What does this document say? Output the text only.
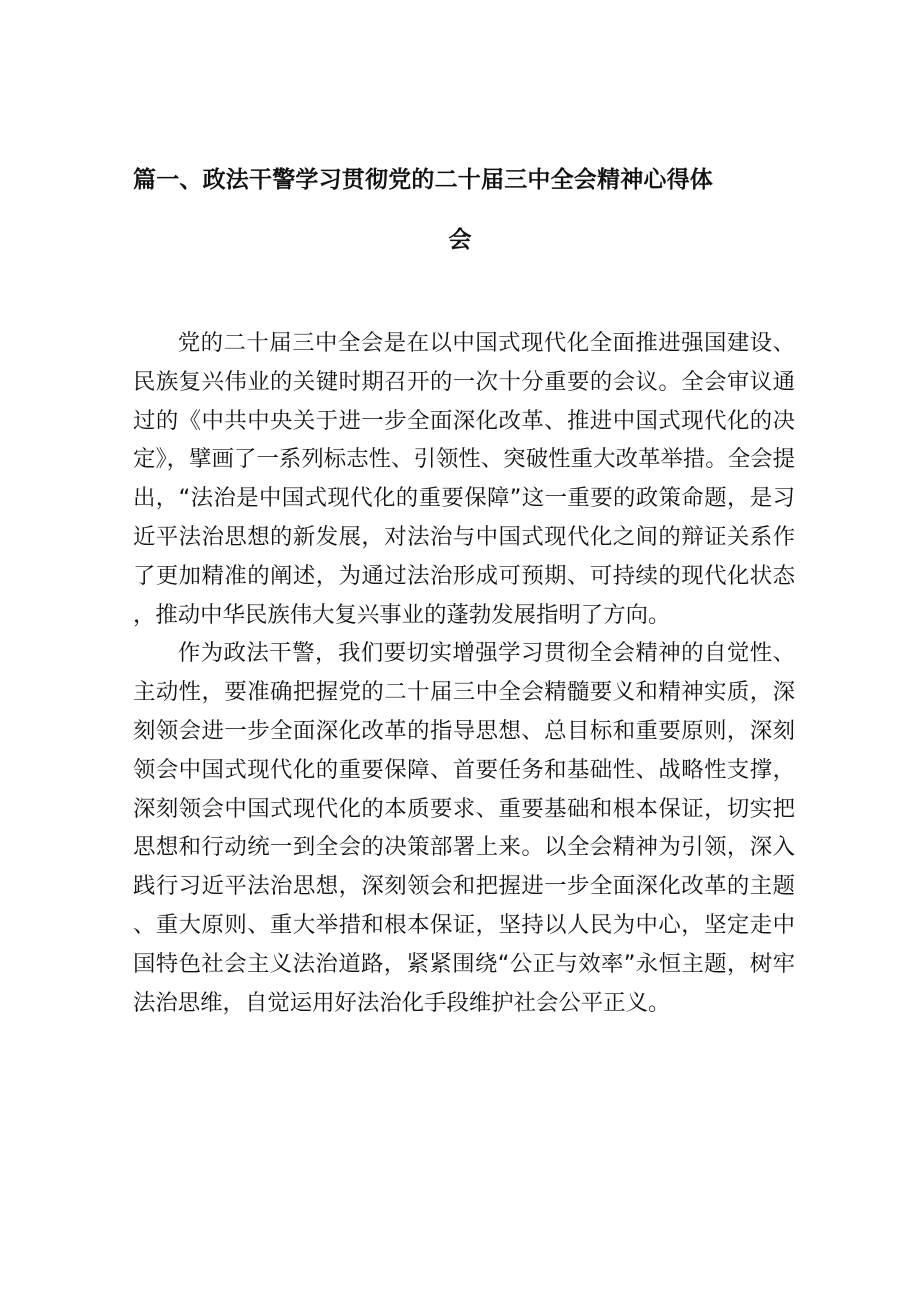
篇一、政法干警学习贯彻党的二十届三中全会精神心得体
会

党的二十届三中全会是在以中国式现代化全面推进强国建设、民族复兴伟业的关键时期召开的一次十分重要的会议。全会审议通过的《中共中央关于进一步全面深化改革、推进中国式现代化的决定》，擘画了一系列标志性、引领性、突破性重大改革举措。全会提出，“法治是中国式现代化的重要保障”这一重要的政策命题，是习近平法治思想的新发展，对法治与中国式现代化之间的辩证关系作了更加精准的阐述，为通过法治形成可预期、可持续的现代化状态，推动中华民族伟大复兴事业的蓬勃发展指明了方向。

作为政法干警，我们要切实增强学习贯彻全会精神的自觉性、主动性，要准确把握党的二十届三中全会精髓要义和精神实质，深刻领会进一步全面深化改革的指导思想、总目标和重要原则，深刻领会中国式现代化的重要保障、首要任务和基础性、战略性支撑，深刻领会中国式现代化的本质要求、重要基础和根本保证，切实把思想和行动统一到全会的决策部署上来。以全会精神为引领，深入践行习近平法治思想，深刻领会和把握进一步全面深化改革的主题、重大原则、重大举措和根本保证，坚持以人民为中心，坚定走中国特色社会主义法治道路，紧紧围绕“公正与效率”永恒主题，树牢法治思维，自觉运用好法治化手段维护社会公平正义。
